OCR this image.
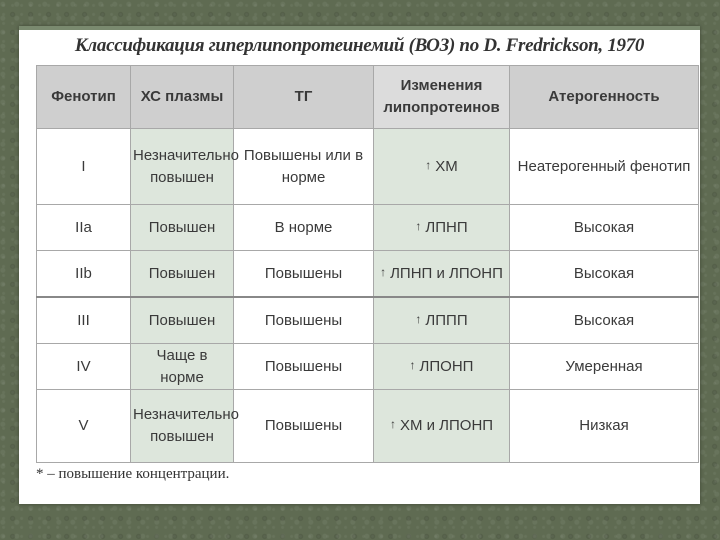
Классификация гиперлипопротеинемий (ВОЗ) по D. Fredrickson, 1970
Фенотип	ХС плазмы	ТГ	Изменения липопротеинов	Атерогенность
I	Незначительно повышен	Повышены или в норме	↑ ХМ	Неатерогенный фенотип
IIa	Повышен	В норме	↑ ЛПНП	Высокая
IIb	Повышен	Повышены	↑ ЛПНП и ЛПОНП	Высокая
III	Повышен	Повышены	↑ ЛППП	Высокая
IV	Чаще в норме	Повышены	↑ ЛПОНП	Умеренная
V	Незначительно повышен	Повышены	↑ ХМ и ЛПОНП	Низкая
* – повышение концентрации.
